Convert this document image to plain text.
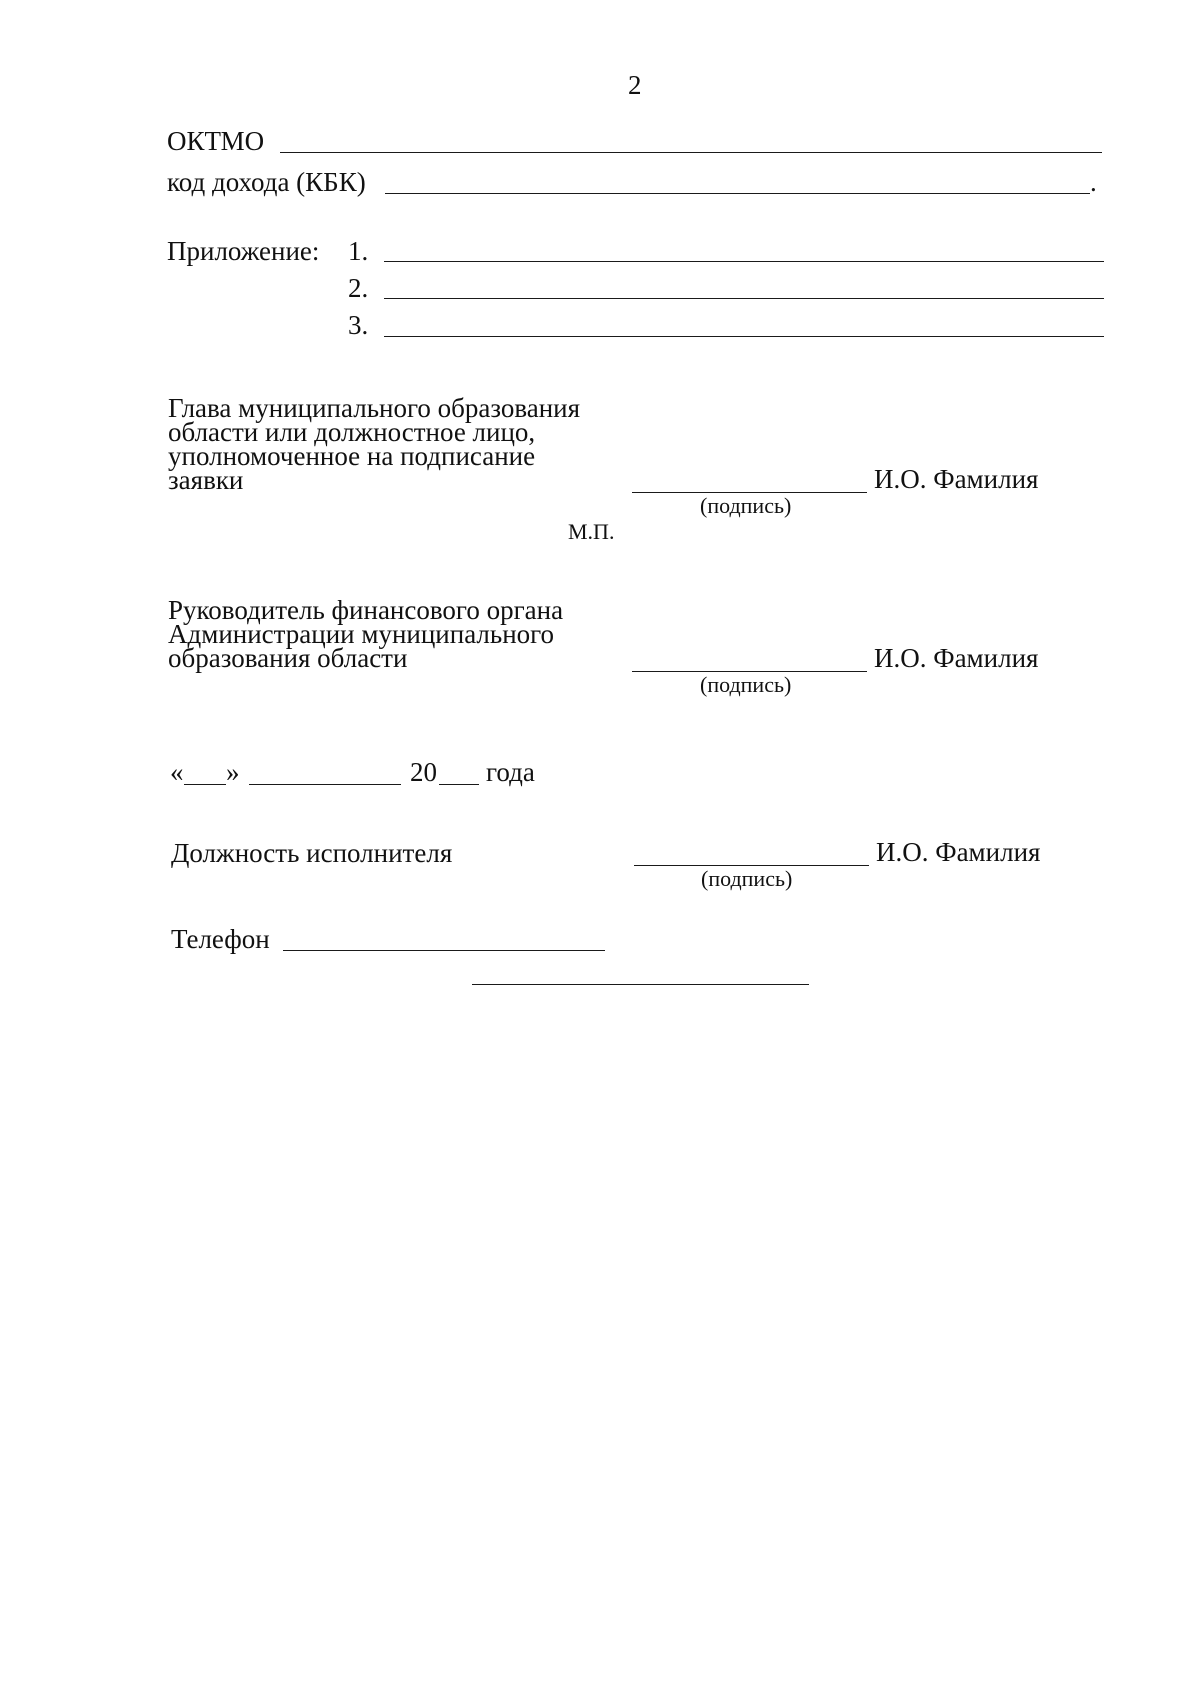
2
ОКТМО
код дохода (КБК)	.
Приложение: 1.
2.
3.
Глава муниципального образования
области или должностное лицо,
уполномоченное на подписание
заявки	И.О. Фамилия
(подпись)
М.П.
Руководитель финансового органа
Администрации муниципального
образования области	И.О. Фамилия
(подпись)
« »	20 года
Должность исполнителя	И.О. Фамилия
(подпись)
Телефон
